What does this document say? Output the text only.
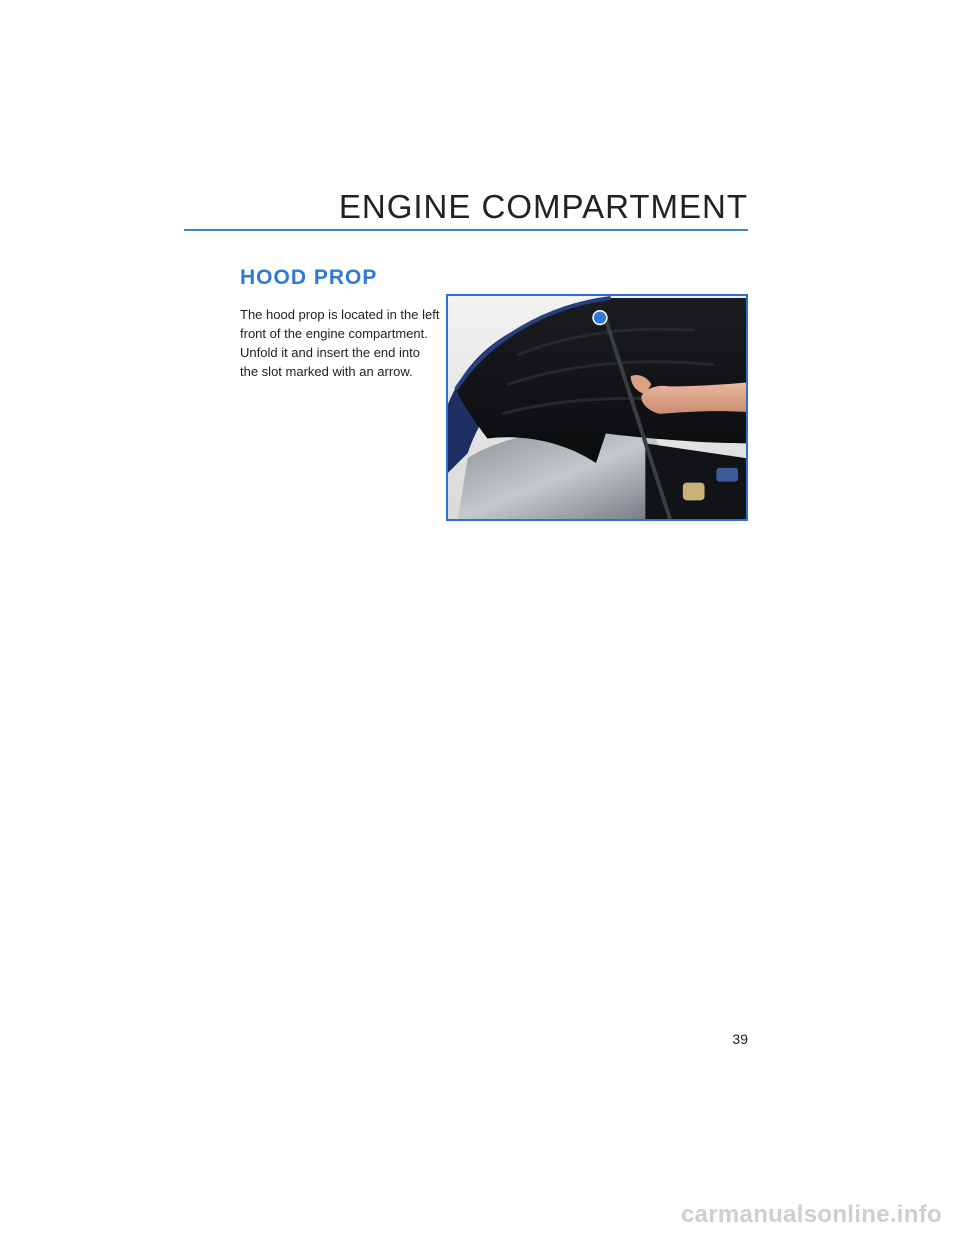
ENGINE COMPARTMENT
HOOD PROP

The hood prop is located in the left front of the engine compartment. Unfold it and insert the end into the slot marked with an arrow.

39
carmanualsonline.info
